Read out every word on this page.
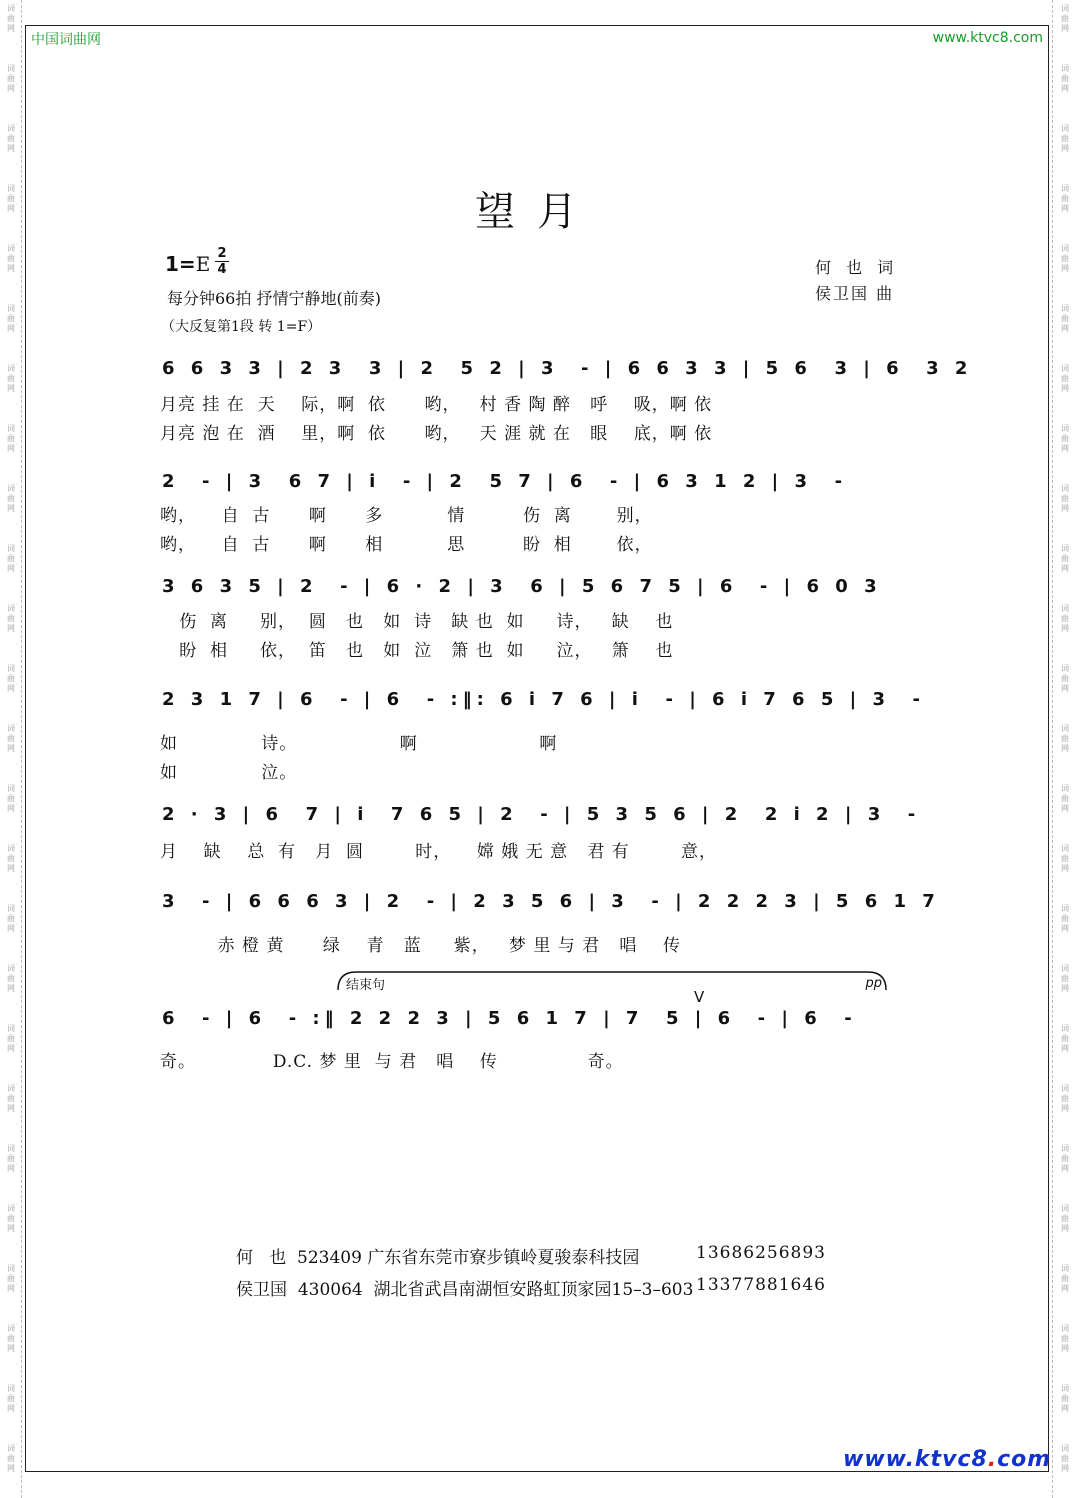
词
曲
网
词
曲
网
词
曲
网
词
曲
网
词
曲
网
词
曲
网
词
曲
网
词
曲
网
词
曲
网
词
曲
网
词
曲
网
词
曲
网
词
曲
网
词
曲
网
词
曲
网
词
曲
网
词
曲
网
词
曲
网
词
曲
网
词
曲
网
词
曲
网
词
曲
网
词
曲
网
词
曲
网
词
曲
网
词
曲
网
词
曲
网
词
曲
网
词
曲
网
词
曲
网
词
曲
网
词
曲
网
词
曲
网
词
曲
网
词
曲
网
词
曲
网
词
曲
网
词
曲
网
词
曲
网
词
曲
网
词
曲
网
词
曲
网
词
曲
网
词
曲
网
词
曲
网
词
曲
网
词
曲
网
词
曲
网
词
曲
网
词
曲
网
中国词曲网	www.ktvc8.com
望月
1=E 2
4
每分钟66拍 抒情宁静地(前奏)
（大反复第1段 转 1=F）
何 也 词
侯卫国 曲
6 6 3 3 | 2 3  3 | 2  5 2 | 3  - | 6 6 3 3 | 5 6  3 | 6  3 2
月亮 挂 在  天    际，啊  依      哟，   村 香 陶 醉   呼    吸，啊 依
月亮 泡 在  酒    里，啊  依      哟，   天 涯 就 在   眼    底，啊 依
2  - | 3  6 7 | i  - | 2  5 7 | 6  - | 6 3 1 2 | 3  -
哟，    自  古      啊      多          情         伤  离       别，
哟，    自  古      啊      相          思         盼  相       依，
3 6 3 5 | 2  - | 6 · 2 | 3  6 | 5 6 7 5 | 6  - | 6 0 3
伤  离     别，  圆   也   如  诗   缺 也  如     诗，   缺    也
盼  相     依，  笛   也   如  泣   箫 也  如     泣，   箫    也
2 3 1 7 | 6  - | 6  - :‖: 6 i 7 6 | i  - | 6 i 7 6 5 | 3  -
如             诗。                啊                   啊
如             泣。
2 · 3 | 6  7 | i  7 6 5 | 2  - | 5 3 5 6 | 2  2 i 2 | 3  -
月    缺    总  有   月  圆        时，    嫦 娥 无 意   君 有        意，
3  - | 6 6 6 3 | 2  - | 2 3 5 6 | 3  - | 2 2 2 3 | 5 6 1 7
赤 橙 黄      绿    青   蓝     紫，   梦 里 与 君   唱    传
结束句	pp
V
6  - | 6  - :‖ 2 2 2 3 | 5 6 1 7 | 7  5 | 6  - | 6  -
奇。            D.C. 梦 里  与 君   唱    传              奇。
何   也 523409 广东省东莞市寮步镇岭夏骏泰科技园	13686256893
侯卫国 430064 湖北省武昌南湖恒安路虹顶家园15–3–603 13377881646
www.ktvc8.com
